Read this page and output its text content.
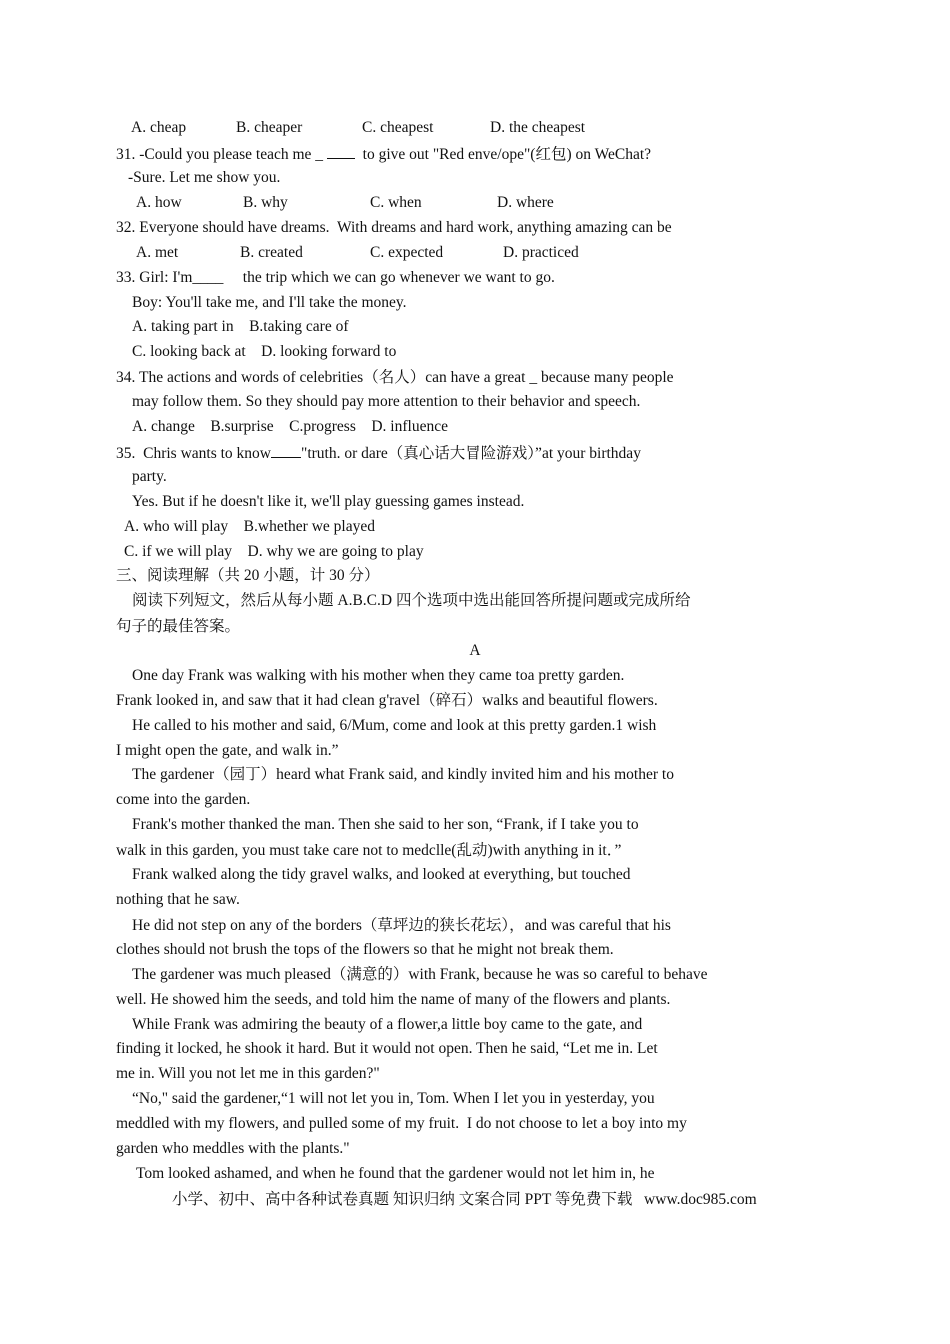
A. cheap	B. cheaper	C. cheapest	D. the cheapest
31. -Could you please teach me _   to give out "Red enve/ope"(红包) on WeChat?
-Sure. Let me show you.
A. how	B. why	C. when	D. where
32. Everyone should have dreams.  With dreams and hard work, anything amazing can be
A. met	B. created	C. expected	D. practiced
33. Girl: I'm____     the trip which we can go whenever we want to go.
Boy: You'll take me, and I'll take the money.
A. taking part in    B.taking care of
C. looking back at    D. looking forward to
34. The actions and words of celebrities（名人）can have a great _ because many people
may follow them. So they should pay more attention to their behavior and speech.
A. change    B.surprise    C.progress    D. influence
35.  Chris wants to know "truth. or dare（真心话大冒险游戏）”at your birthday
party.
Yes. But if he doesn't like it, we'll play guessing games instead.
A. who will play    B.whether we played
C. if we will play    D. why we are going to play
三、阅读理解（共 20 小题，计 30 分）
阅读下列短文，然后从每小题 A.B.C.D 四个选项中选出能回答所提问题或完成所给
句子的最佳答案。
A
One day Frank was walking with his mother when they came toa pretty garden.
Frank looked in, and saw that it had clean g'ravel（碎石）walks and beautiful flowers.
He called to his mother and said, 6/Mum, come and look at this pretty garden.1 wish
I might open the gate, and walk in.”
The gardener（园丁）heard what Frank said, and kindly invited him and his mother to
come into the garden.
Frank's mother thanked the man. Then she said to her son, “Frank, if I take you to
walk in this garden, you must take care not to medclle(乱动)with anything in it．”
Frank walked along the tidy gravel walks, and looked at everything, but touched
nothing that he saw.
He did not step on any of the borders（草坪边的狭长花坛），and was careful that his
clothes should not brush the tops of the flowers so that he might not break them.
The gardener was much pleased（满意的）with Frank, because he was so careful to behave
well. He showed him the seeds, and told him the name of many of the flowers and plants.
While Frank was admiring the beauty of a flower,a little boy came to the gate, and
finding it locked, he shook it hard. But it would not open. Then he said, “Let me in. Let
me in. Will you not let me in this garden?"
“No," said the gardener,“1 will not let you in, Tom. When I let you in yesterday, you
meddled with my flowers, and pulled some of my fruit.  I do not choose to let a boy into my
garden who meddles with the plants."
Tom looked ashamed, and when he found that the gardener would not let him in, he
小学、初中、高中各种试卷真题 知识归纳 文案合同 PPT 等免费下载   www.doc985.com
